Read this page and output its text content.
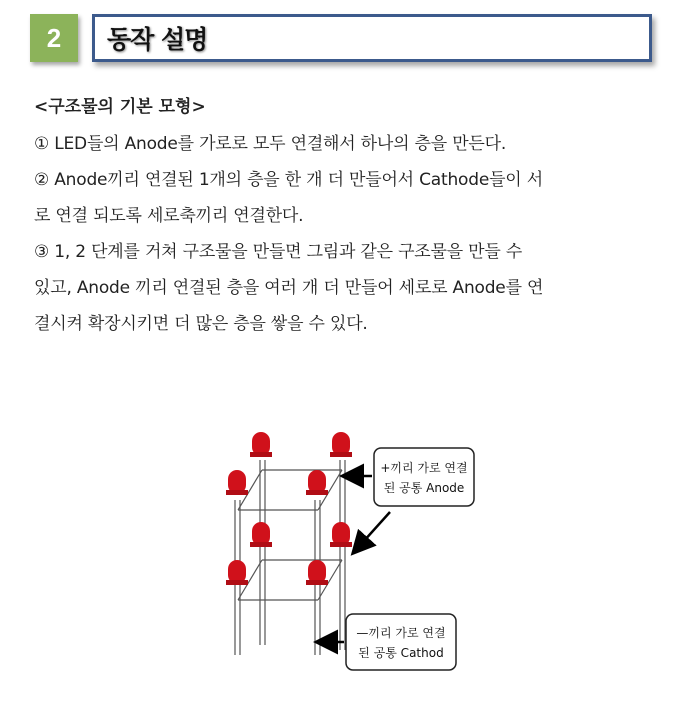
2	동작 설명

<구조물의 기본 모형>

① LED들의 Anode를 가로로 모두 연결해서 하나의 층을 만든다.

② Anode끼리 연결된 1개의 층을 한 개 더 만들어서 Cathode들이 서

로 연결 되도록 세로축끼리 연결한다.

③ 1, 2 단계를 거쳐 구조물을 만들면 그림과 같은 구조물을 만들 수

있고, Anode 끼리 연결된 층을 여러 개 더 만들어 세로로 Anode를 연

결시켜 확장시키면 더 많은 층을 쌓을 수 있다.

+끼리 가로 연결
된 공통 Anode
—끼리 가로 연결
된 공통 Cathod
